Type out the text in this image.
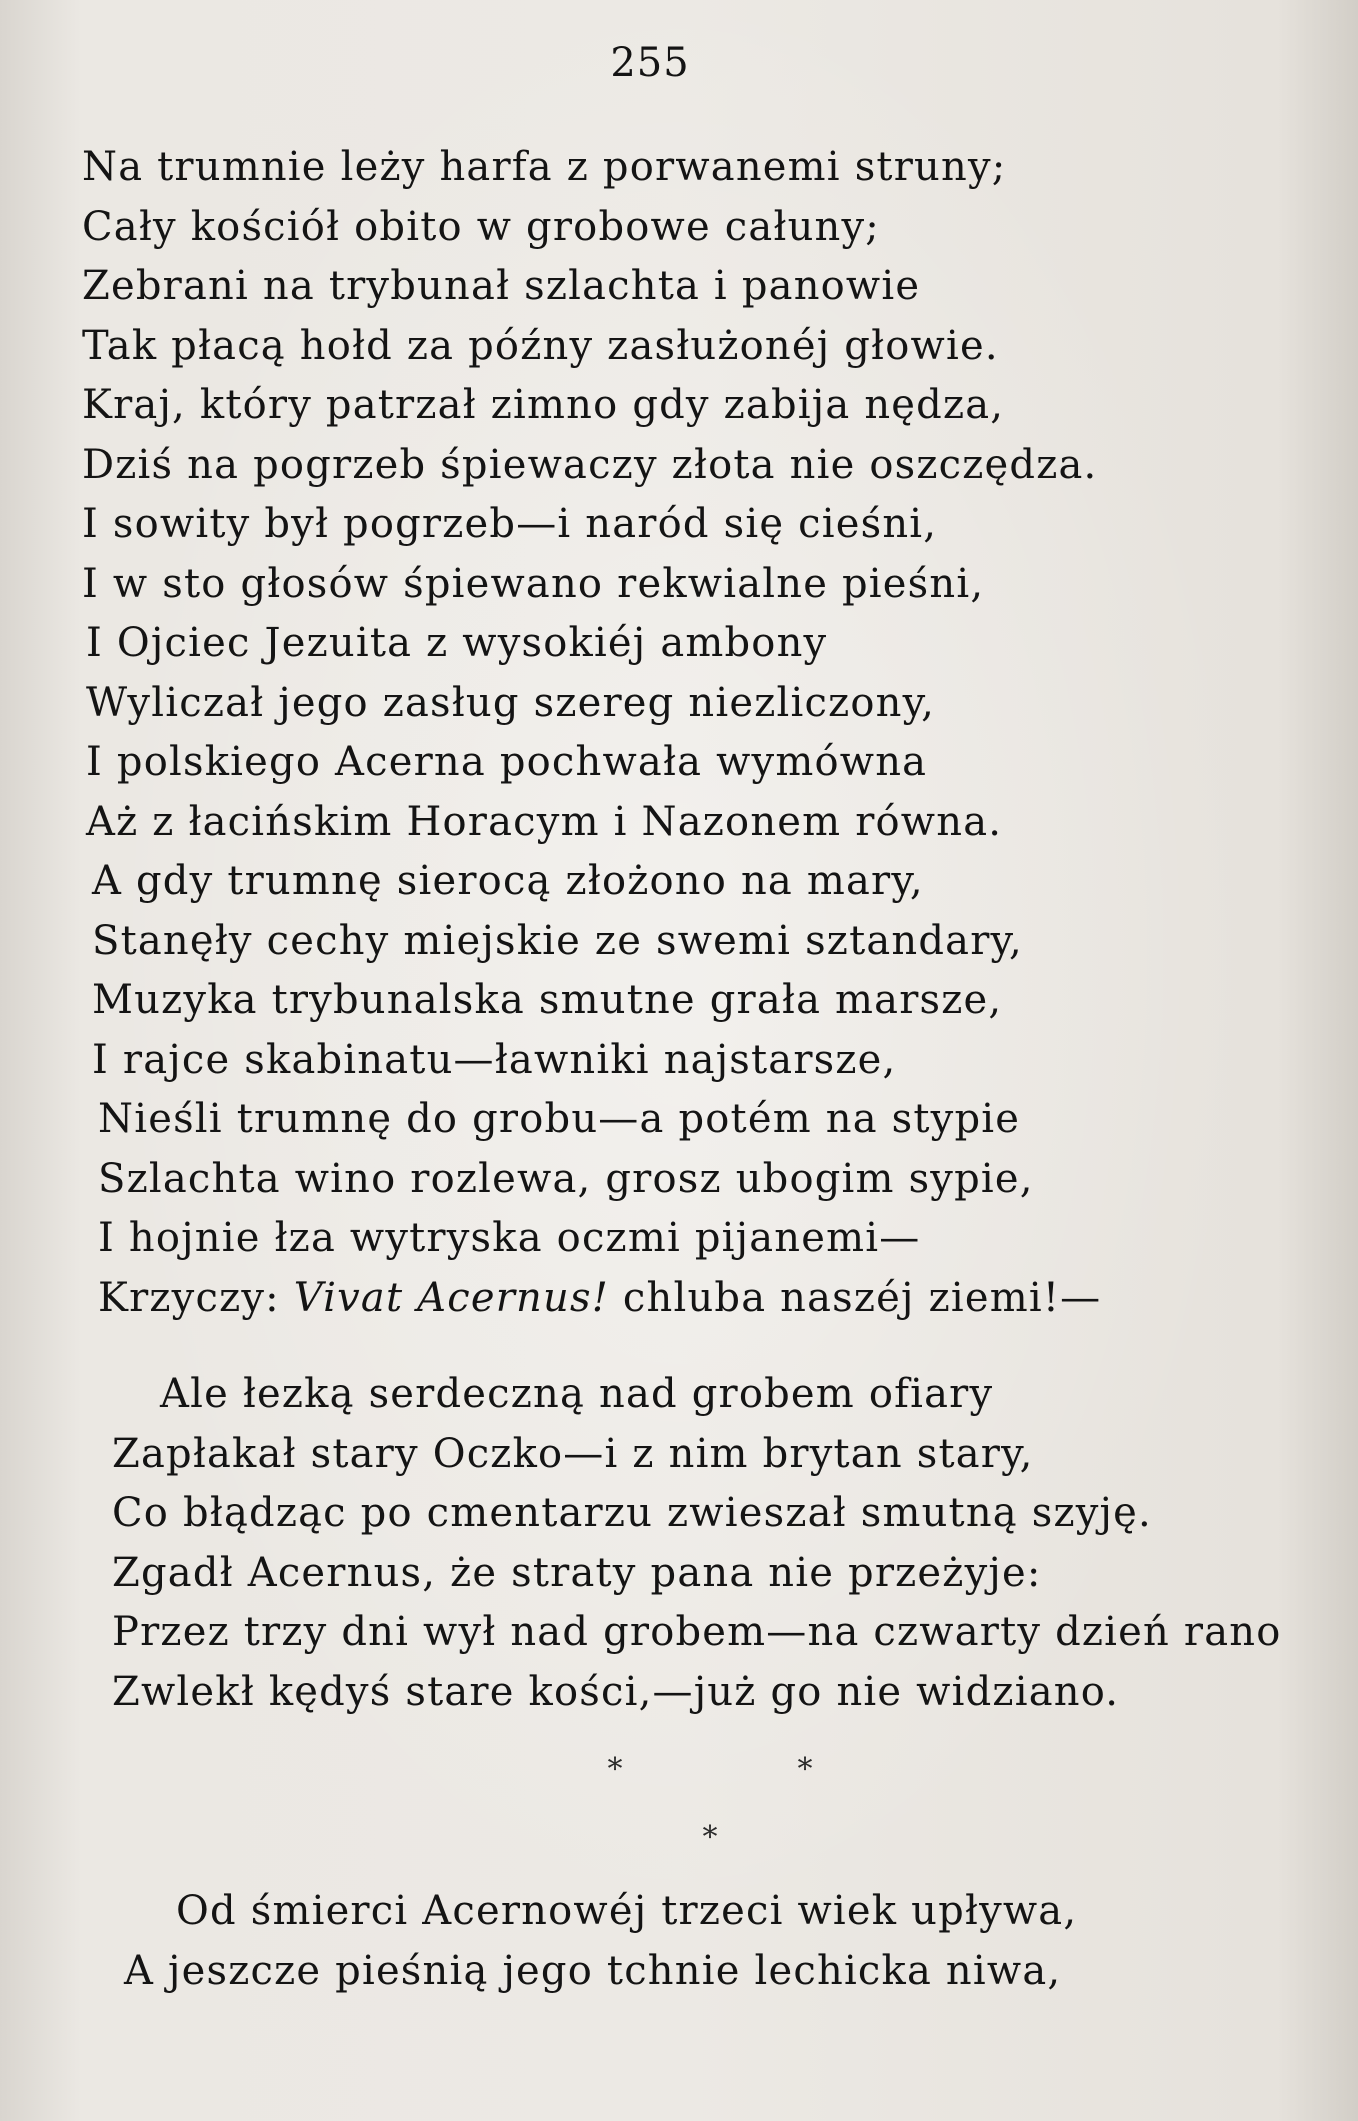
255
Na trumnie leży harfa z porwanemi struny;
Cały kościół obito w grobowe całuny;
Zebrani na trybunał szlachta i panowie
Tak płacą hołd za późny zasłużonéj głowie.
Kraj, który patrzał zimno gdy zabija nędza,
Dziś na pogrzeb śpiewaczy złota nie oszczędza.
I sowity był pogrzeb—i naród się cieśni,
I w sto głosów śpiewano rekwialne pieśni,
I Ojciec Jezuita z wysokiéj ambony
Wyliczał jego zasług szereg niezliczony,
I polskiego Acerna pochwała wymówna
Aż z łacińskim Horacym i Nazonem równa.
A gdy trumnę sierocą złożono na mary,
Stanęły cechy miejskie ze swemi sztandary,
Muzyka trybunalska smutne grała marsze,
I rajce skabinatu—ławniki najstarsze,
Nieśli trumnę do grobu—a potém na stypie
Szlachta wino rozlewa, grosz ubogim sypie,
I hojnie łza wytryska oczmi pijanemi—
Krzyczy: Vivat Acernus! chluba naszéj ziemi!—
Ale łezką serdeczną nad grobem ofiary
Zapłakał stary Oczko—i z nim brytan stary,
Co błądząc po cmentarzu zwieszał smutną szyję.
Zgadł Acernus, że straty pana nie przeżyje:
Przez trzy dni wył nad grobem—na czwarty dzień rano
Zwlekł kędyś stare kości,—już go nie widziano.
*	*
*
Od śmierci Acernowéj trzeci wiek upływa,
A jeszcze pieśnią jego tchnie lechicka niwa,
